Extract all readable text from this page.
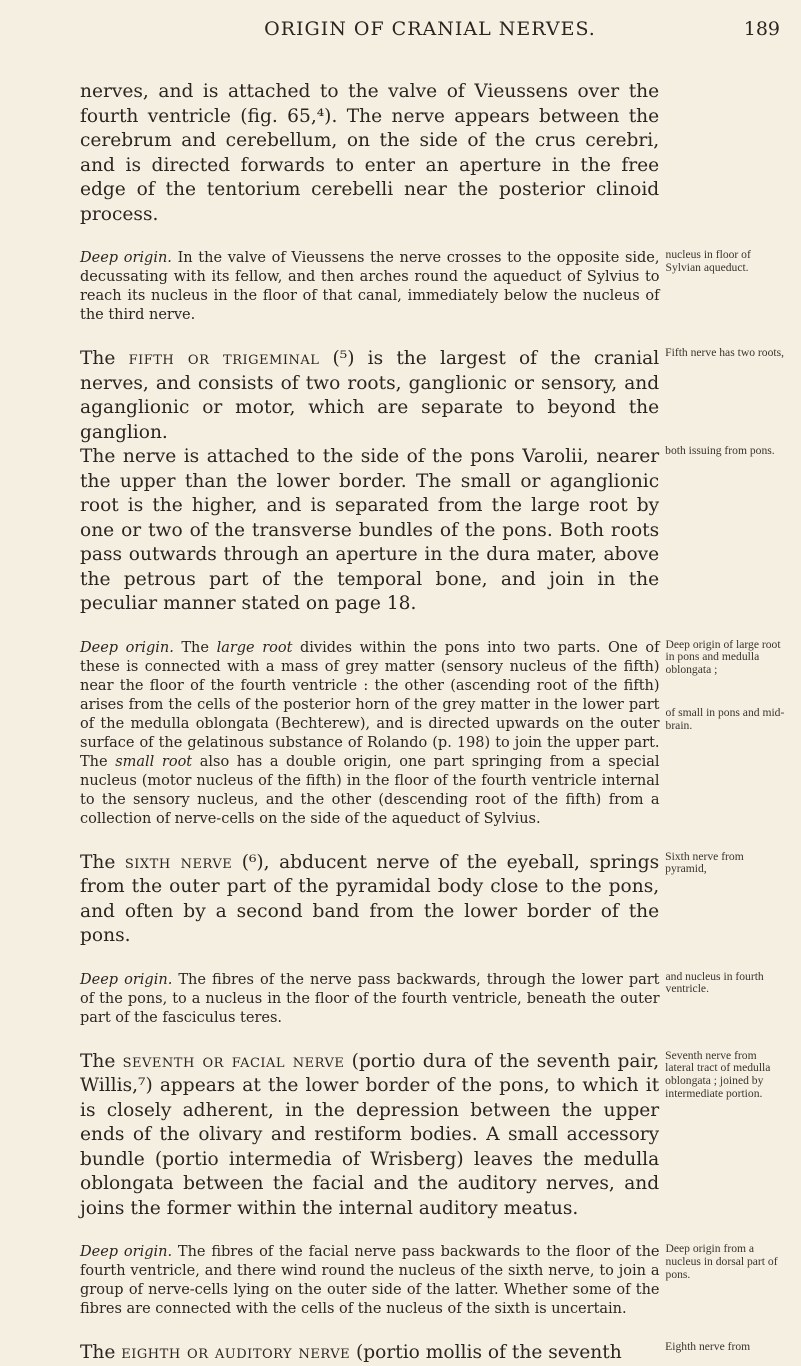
ORIGIN OF CRANIAL NERVES.	189
nerves, and is attached to the valve of Vieussens over the fourth ventricle (fig. 65,⁴). The nerve appears between the cerebrum and cerebellum, on the side of the crus cerebri, and is directed forwards to enter an aperture in the free edge of the tentorium cerebelli near the posterior clinoid process.
Deep origin. In the valve of Vieussens the nerve crosses to the opposite side, decussating with its fellow, and then arches round the aqueduct of Sylvius to reach its nucleus in the floor of that canal, immediately below the nucleus of the third nerve.
nucleus in floor of Sylvian aqueduct.
The fifth or trigeminal (⁵) is the largest of the cranial nerves, and consists of two roots, ganglionic or sensory, and aganglionic or motor, which are separate to beyond the ganglion.
Fifth nerve has two roots,
The nerve is attached to the side of the pons Varolii, nearer the upper than the lower border. The small or aganglionic root is the higher, and is separated from the large root by one or two of the transverse bundles of the pons. Both roots pass outwards through an aperture in the dura mater, above the petrous part of the temporal bone, and join in the peculiar manner stated on page 18.
both issuing from pons.
Deep origin. The large root divides within the pons into two parts. One of these is connected with a mass of grey matter (sensory nucleus of the fifth) near the floor of the fourth ventricle : the other (ascending root of the fifth) arises from the cells of the posterior horn of the grey matter in the lower part of the medulla oblongata (Bechterew), and is directed upwards on the outer surface of the gelatinous substance of Rolando (p. 198) to join the upper part. The small root also has a double origin, one part springing from a special nucleus (motor nucleus of the fifth) in the floor of the fourth ventricle internal to the sensory nucleus, and the other (descending root of the fifth) from a collection of nerve-cells on the side of the aqueduct of Sylvius.
Deep origin of large root in pons and medulla oblongata ;
of small in pons and mid-brain.
The sixth nerve (⁶), abducent nerve of the eyeball, springs from the outer part of the pyramidal body close to the pons, and often by a second band from the lower border of the pons.
Sixth nerve from pyramid,
Deep origin. The fibres of the nerve pass backwards, through the lower part of the pons, to a nucleus in the floor of the fourth ventricle, beneath the outer part of the fasciculus teres.
and nucleus in fourth ventricle.
The seventh or facial nerve (portio dura of the seventh pair, Willis,⁷) appears at the lower border of the pons, to which it is closely adherent, in the depression between the upper ends of the olivary and restiform bodies. A small accessory bundle (portio intermedia of Wrisberg) leaves the medulla oblongata between the facial and the auditory nerves, and joins the former within the internal auditory meatus.
Seventh nerve from lateral tract of medulla oblongata ; joined by intermediate portion.
Deep origin. The fibres of the facial nerve pass backwards to the floor of the fourth ventricle, and there wind round the nucleus of the sixth nerve, to join a group of nerve-cells lying on the outer side of the latter. Whether some of the fibres are connected with the cells of the nucleus of the sixth is uncertain.
Deep origin from a nucleus in dorsal part of pons.
The eighth or auditory nerve (portio mollis of the seventh	Eighth nerve from
